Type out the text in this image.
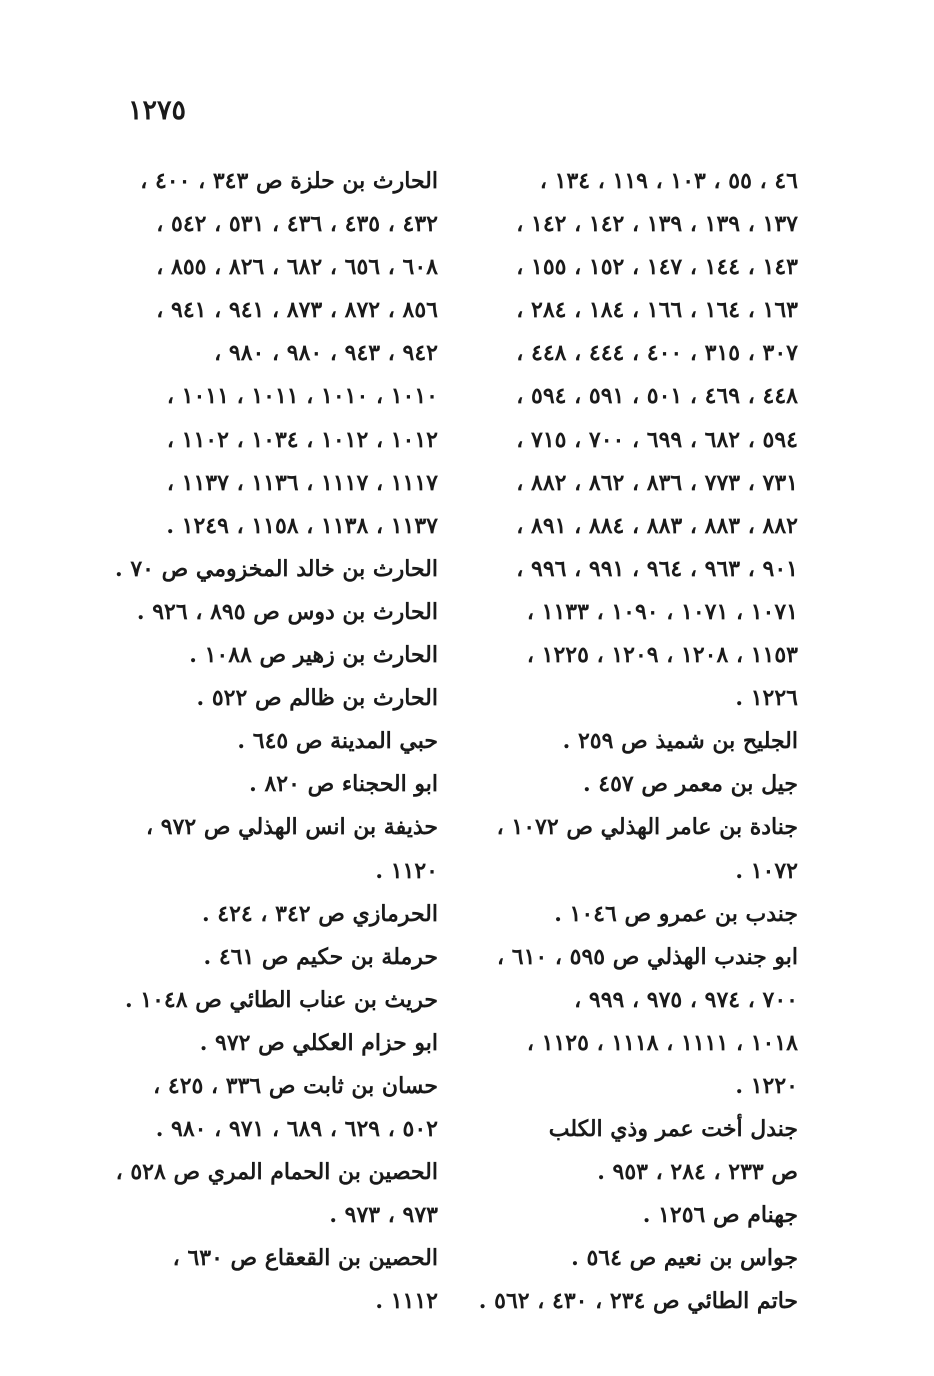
١٢٧٥
٤٦ ، ٥٥ ، ١٠٣ ، ١١٩ ، ١٣٤ ،
١٣٧ ، ١٣٩ ، ١٣٩ ، ١٤٢ ، ١٤٢ ،
١٤٣ ، ١٤٤ ، ١٤٧ ، ١٥٢ ، ١٥٥ ،
١٦٣ ، ١٦٤ ، ١٦٦ ، ١٨٤ ، ٢٨٤ ،
٣٠٧ ، ٣١٥ ، ٤٠٠ ، ٤٤٤ ، ٤٤٨ ،
٤٤٨ ، ٤٦٩ ، ٥٠١ ، ٥٩١ ، ٥٩٤ ،
٥٩٤ ، ٦٨٢ ، ٦٩٩ ، ٧٠٠ ، ٧١٥ ،
٧٣١ ، ٧٧٣ ، ٨٣٦ ، ٨٦٢ ، ٨٨٢ ،
٨٨٢ ، ٨٨٣ ، ٨٨٣ ، ٨٨٤ ، ٨٩١ ،
٩٠١ ، ٩٦٣ ، ٩٦٤ ، ٩٩١ ، ٩٩٦ ،
١٠٧١ ، ١٠٧١ ، ١٠٩٠ ، ١١٣٣ ،
١١٥٣ ، ١٢٠٨ ، ١٢٠٩ ، ١٢٢٥ ،
١٢٢٦ .
الجليح بن شميذ ص ٢٥٩ .
جيل بن معمر ص ٤٥٧ .
جنادة بن عامر الهذلي ص ١٠٧٢ ،
١٠٧٢ .
جندب بن عمرو ص ١٠٤٦ .
ابو جندب الهذلي ص ٥٩٥ ، ٦١٠ ،
٧٠٠ ، ٩٧٤ ، ٩٧٥ ، ٩٩٩ ،
١٠١٨ ، ١١١١ ، ١١١٨ ، ١١٢٥ ،
١٢٢٠ .
جندل أخت عمر وذي الكلب
ص ٢٣٣ ، ٢٨٤ ، ٩٥٣ .
جهنام ص ١٢٥٦ .
جواس بن نعيم ص ٥٦٤ .
حاتم الطائي ص ٢٣٤ ، ٤٣٠ ، ٥٦٢ .
الحارث بن حلزة ص ٣٤٣ ، ٤٠٠ ،
٤٣٢ ، ٤٣٥ ، ٤٣٦ ، ٥٣١ ، ٥٤٢ ،
٦٠٨ ، ٦٥٦ ، ٦٨٢ ، ٨٢٦ ، ٨٥٥ ،
٨٥٦ ، ٨٧٢ ، ٨٧٣ ، ٩٤١ ، ٩٤١ ،
٩٤٢ ، ٩٤٣ ، ٩٨٠ ، ٩٨٠ ،
١٠١٠ ، ١٠١٠ ، ١٠١١ ، ١٠١١ ،
١٠١٢ ، ١٠١٢ ، ١٠٣٤ ، ١١٠٢ ،
١١١٧ ، ١١١٧ ، ١١٣٦ ، ١١٣٧ ،
١١٣٧ ، ١١٣٨ ، ١١٥٨ ، ١٢٤٩ .
الحارث بن خالد المخزومي ص ٧٠ .
الحارث بن دوس ص ٨٩٥ ، ٩٢٦ .
الحارث بن زهير ص ١٠٨٨ .
الحارث بن ظالم ص ٥٢٢ .
حبي المدينة ص ٦٤٥ .
ابو الحجناء ص ٨٢٠ .
حذيفة بن انس الهذلي ص ٩٧٢ ،
١١٢٠ .
الحرمازي ص ٣٤٢ ، ٤٢٤ .
حرملة بن حكيم ص ٤٦١ .
حريث بن عناب الطائي ص ١٠٤٨ .
ابو حزام العكلي ص ٩٧٢ .
حسان بن ثابت ص ٣٣٦ ، ٤٢٥ ،
٥٠٢ ، ٦٢٩ ، ٦٨٩ ، ٩٧١ ، ٩٨٠ .
الحصين بن الحمام المري ص ٥٢٨ ،
٩٧٣ ، ٩٧٣ .
الحصين بن القعقاع ص ٦٣٠ ،
١١١٢ .
